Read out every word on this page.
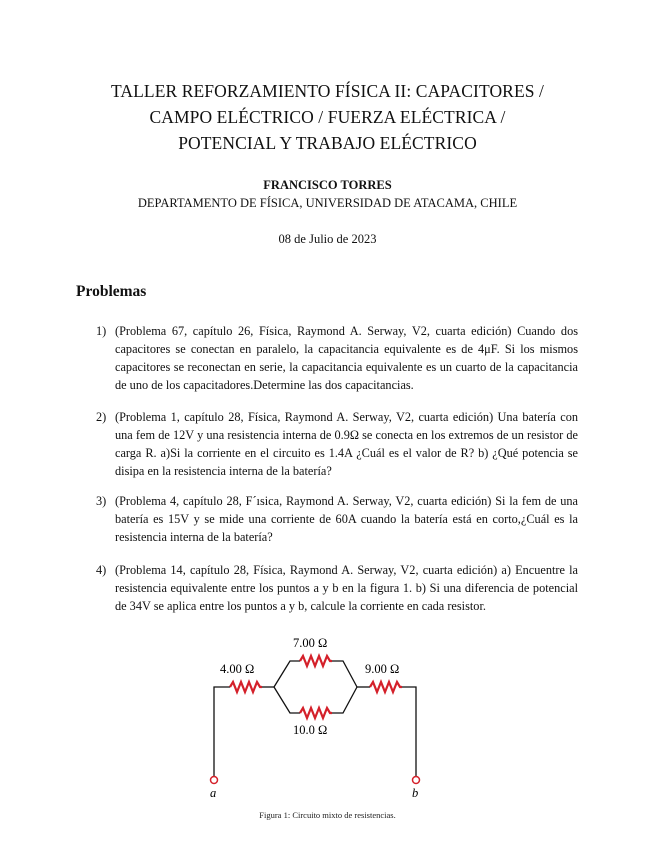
TALLER REFORZAMIENTO FÍSICA II: CAPACITORES /
CAMPO ELÉCTRICO / FUERZA ELÉCTRICA /
POTENCIAL Y TRABAJO ELÉCTRICO
FRANCISCO TORRES
DEPARTAMENTO DE FÍSICA, UNIVERSIDAD DE ATACAMA, CHILE
08 de Julio de 2023
Problemas
1) (Problema 67, capítulo 26, Física, Raymond A. Serway, V2, cuarta edición) Cuando dos capacitores se conectan en paralelo, la capacitancia equivalente es de 4μF. Si los mismos capacitores se reconectan en serie, la capacitancia equivalente es un cuarto de la capacitancia de uno de los capacitadores.Determine las dos capacitancias.
2) (Problema 1, capítulo 28, Física, Raymond A. Serway, V2, cuarta edición) Una batería con una fem de 12V y una resistencia interna de 0.9Ω se conecta en los extremos de un resistor de carga R. a)Si la corriente en el circuito es 1.4A ¿Cuál es el valor de R? b) ¿Qué potencia se disipa en la resistencia interna de la batería?
3) (Problema 4, capítulo 28, F´ısica, Raymond A. Serway, V2, cuarta edición) Si la fem de una batería es 15V y se mide una corriente de 60A cuando la batería está en corto,¿Cuál es la resistencia interna de la batería?
4) (Problema 14, capítulo 28, Física, Raymond A. Serway, V2, cuarta edición) a) Encuentre la resistencia equivalente entre los puntos a y b en la figura 1. b) Si una diferencia de potencial de 34V se aplica entre los puntos a y b, calcule la corriente en cada resistor.
4.00 Ω
7.00 Ω
10.0 Ω
9.00 Ω
a	b
Figura 1: Circuito mixto de resistencias.
